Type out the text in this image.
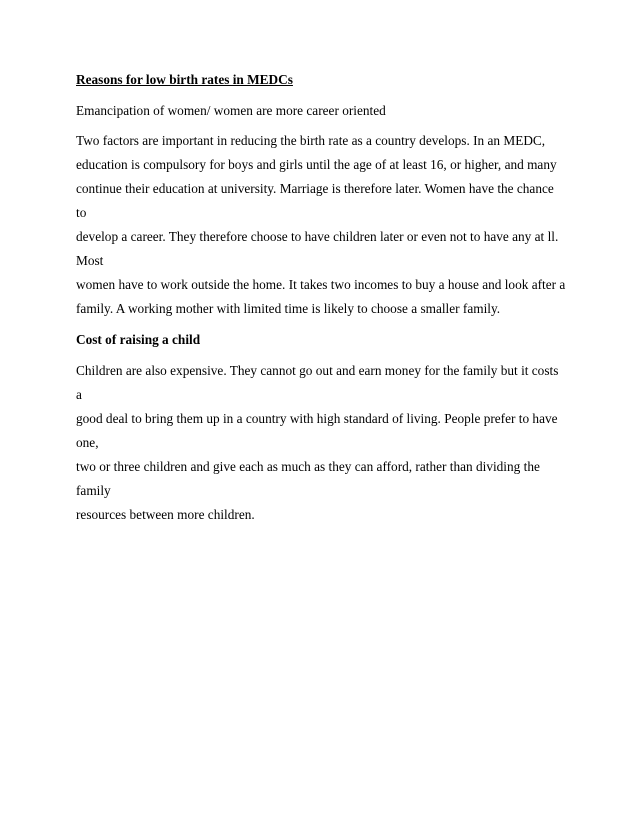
Reasons for low birth rates in MEDCs
Emancipation of women/ women are more career oriented
Two factors are important in reducing the birth rate as a country develops. In an MEDC,
education is compulsory for boys and girls until the age of at least 16, or higher, and many
continue their education at university. Marriage is therefore later. Women have the chance to
develop a career. They therefore choose to have children later or even not to have any at ll. Most
women have to work outside the home. It takes two incomes to buy a house and look after a
family. A working mother with limited time is likely to choose a smaller family.
Cost of raising a child
Children are also expensive. They cannot go out and earn money for the family but it costs a
good deal to bring them up in a country with high standard of living. People prefer to have one,
two or three children and give each as much as they can afford, rather than dividing the family
resources between more children.
